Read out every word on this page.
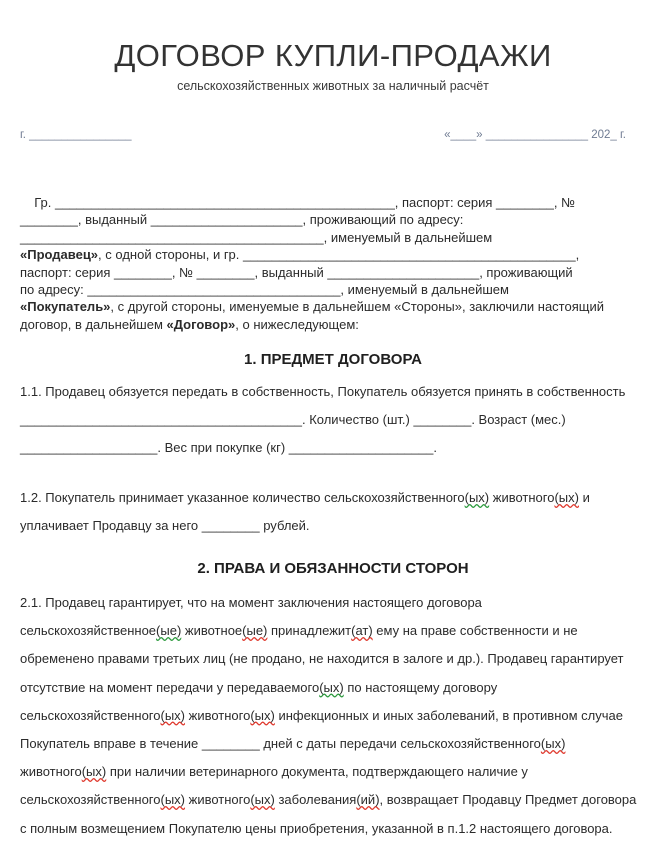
ДОГОВОР КУПЛИ-ПРОДАЖИ
сельскохозяйственных животных за наличный расчёт
г. ________________	«____» ________________ 202_ г.
Гр. _______________________________________________, паспорт: серия ________, №
________, выданный _____________________, проживающий по адресу:
__________________________________________, именуемый в дальнейшем
«Продавец», с одной стороны, и гр. ______________________________________________,
паспорт: серия ________, № ________, выданный _____________________, проживающий
по адресу: ___________________________________, именуемый в дальнейшем
«Покупатель», с другой стороны, именуемые в дальнейшем «Стороны», заключили настоящий
договор, в дальнейшем «Договор», о нижеследующем:
1. ПРЕДМЕТ ДОГОВОРА
1.1. Продавец обязуется передать в собственность, Покупатель обязуется принять в собственность _______________________________________. Количество (шт.) ________. Возраст (мес.) ___________________. Вес при покупке (кг) ____________________.
1.2. Покупатель принимает указанное количество сельскохозяйственного(ых) животного(ых) и уплачивает Продавцу за него ________ рублей.
2. ПРАВА И ОБЯЗАННОСТИ СТОРОН
2.1. Продавец гарантирует, что на момент заключения настоящего договора сельскохозяйственное(ые) животное(ые) принадлежит(ат) ему на праве собственности и не обременено правами третьих лиц (не продано, не находится в залоге и др.). Продавец гарантирует отсутствие на момент передачи у передаваемого(ых) по настоящему договору сельскохозяйственного(ых) животного(ых) инфекционных и иных заболеваний, в противном случае Покупатель вправе в течение ________ дней с даты передачи сельскохозяйственного(ых) животного(ых) при наличии ветеринарного документа, подтверждающего наличие у сельскохозяйственного(ых) животного(ых) заболевания(ий), возвращает Продавцу Предмет договора с полным возмещением Покупателю цены приобретения, указанной в п.1.2 настоящего договора.
